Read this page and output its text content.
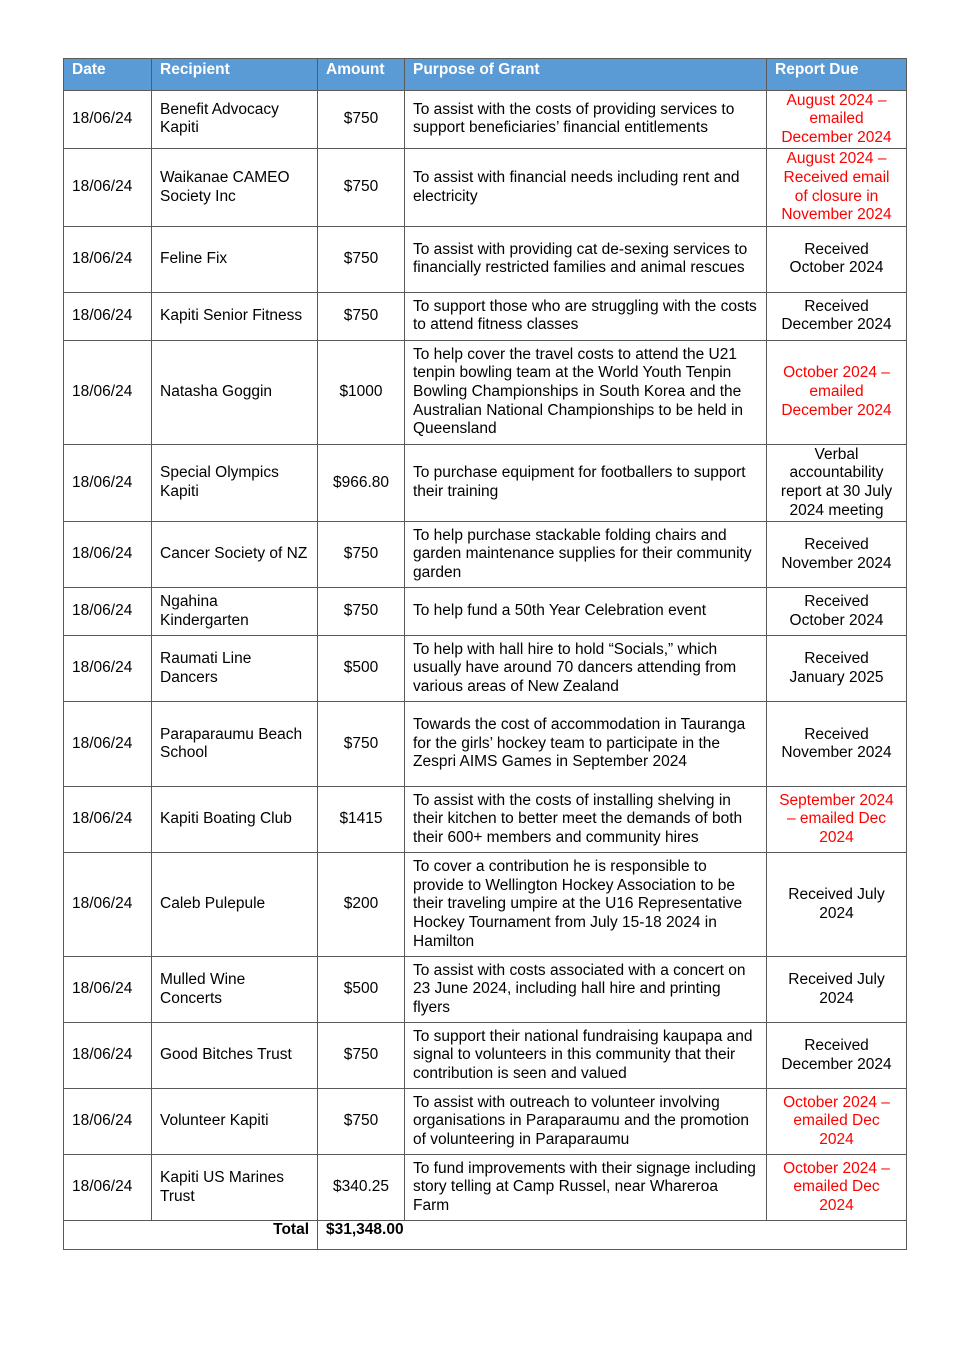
Date	Recipient	Amount	Purpose of Grant	Report Due
18/06/24	Benefit Advocacy Kapiti	$750	To assist with the costs of providing services to support beneficiaries’ financial entitlements	August 2024 – emailed December 2024
18/06/24	Waikanae CAMEO Society Inc	$750	To assist with financial needs including rent and electricity	August 2024 – Received email of closure in November 2024
18/06/24	Feline Fix	$750	To assist with providing cat de-sexing services to financially restricted families and animal rescues	Received October 2024
18/06/24	Kapiti Senior Fitness	$750	To support those who are struggling with the costs to attend fitness classes	Received December 2024
18/06/24	Natasha Goggin	$1000	To help cover the travel costs to attend the U21 tenpin bowling team at the World Youth Tenpin Bowling Championships in South Korea and the Australian National Championships to be held in Queensland	October 2024 – emailed December 2024
18/06/24	Special Olympics Kapiti	$966.80	To purchase equipment for footballers to support their training	Verbal accountability report at 30 July 2024 meeting
18/06/24	Cancer Society of NZ	$750	To help purchase stackable folding chairs and garden maintenance supplies for their community garden	Received November 2024
18/06/24	Ngahina Kindergarten	$750	To help fund a 50th Year Celebration event	Received October 2024
18/06/24	Raumati Line Dancers	$500	To help with hall hire to hold “Socials,” which usually have around 70 dancers attending from various areas of New Zealand	Received January 2025
18/06/24	Paraparaumu Beach School	$750	Towards the cost of accommodation in Tauranga for the girls’ hockey team to participate in the Zespri AIMS Games in September 2024	Received November 2024
18/06/24	Kapiti Boating Club	$1415	To assist with the costs of installing shelving in their kitchen to better meet the demands of both their 600+ members and community hires	September 2024 – emailed Dec 2024
18/06/24	Caleb Pulepule	$200	To cover a contribution he is responsible to provide to Wellington Hockey Association to be their traveling umpire at the U16 Representative Hockey Tournament from July 15-18 2024 in Hamilton	Received July 2024
18/06/24	Mulled Wine Concerts	$500	To assist with costs associated with a concert on 23 June 2024, including hall hire and printing flyers	Received July 2024
18/06/24	Good Bitches Trust	$750	To support their national fundraising kaupapa and signal to volunteers in this community that their contribution is seen and valued	Received December 2024
18/06/24	Volunteer Kapiti	$750	To assist with outreach to volunteer involving organisations in Paraparaumu and the promotion of volunteering in Paraparaumu	October 2024 – emailed Dec 2024
18/06/24	Kapiti US Marines Trust	$340.25	To fund improvements with their signage including story telling at Camp Russel, near Whareroa Farm	October 2024 – emailed Dec 2024
Total		$31,348.00		
